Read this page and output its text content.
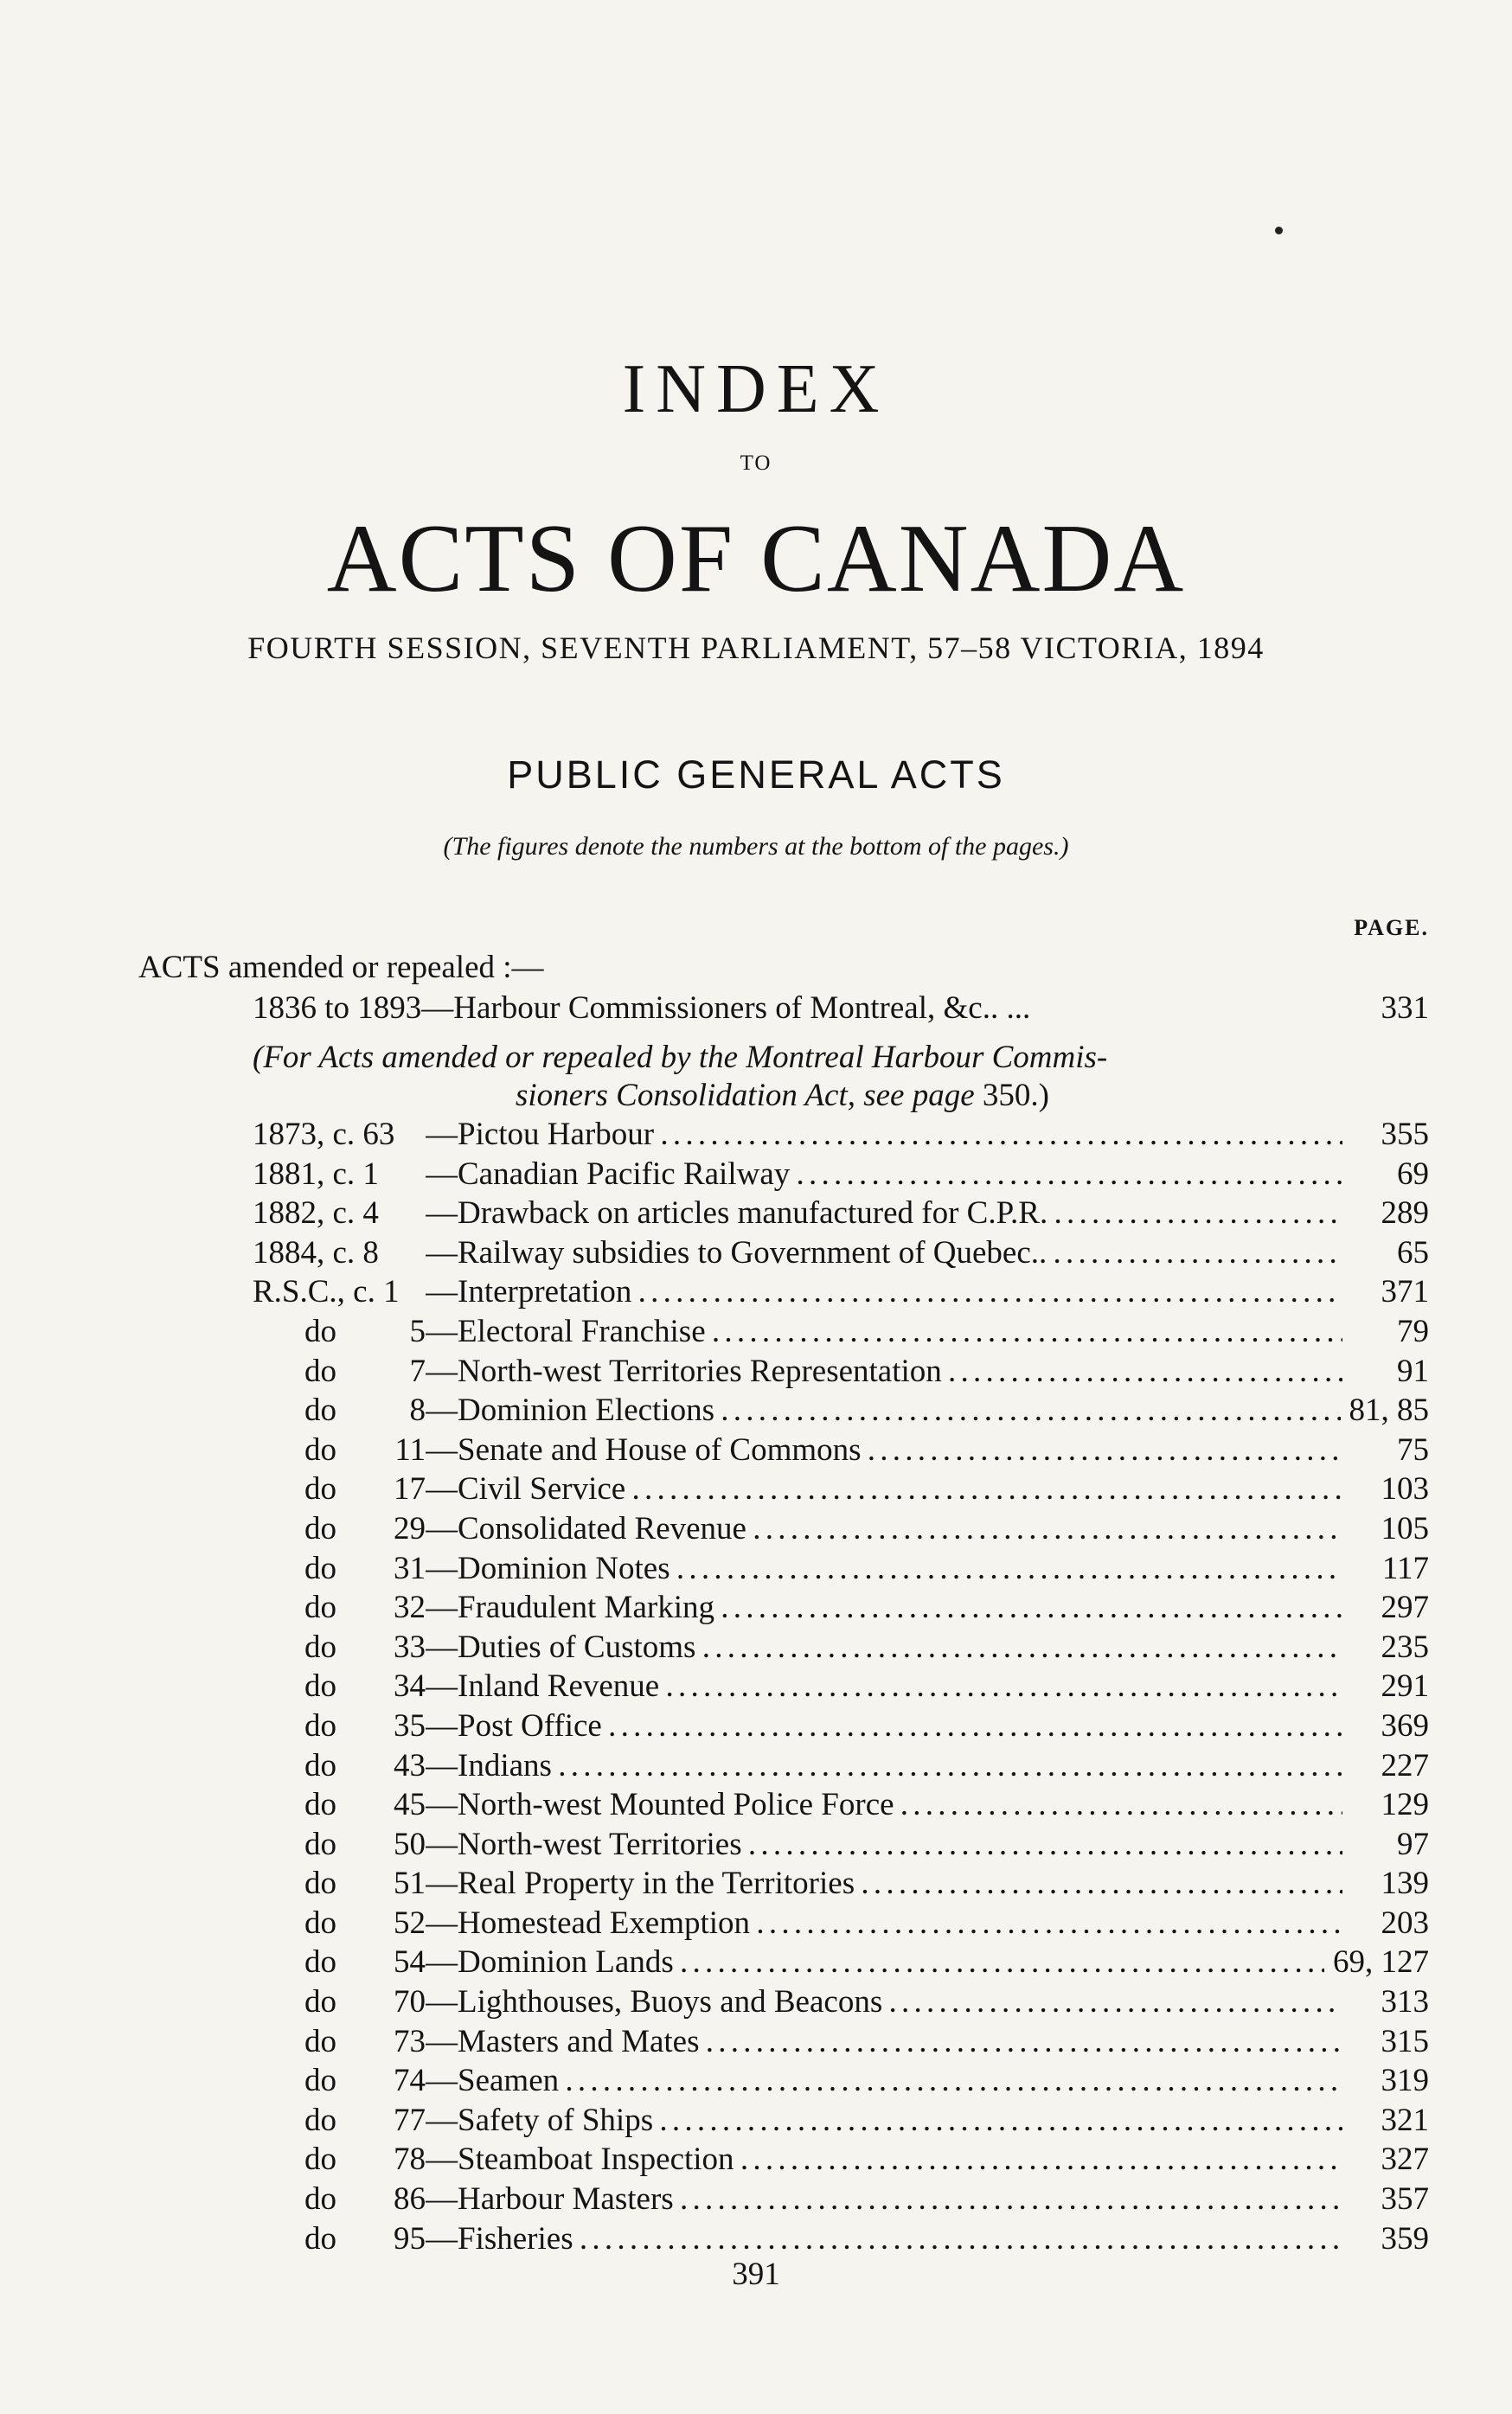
INDEX
TO
ACTS OF CANADA
FOURTH SESSION, SEVENTH PARLIAMENT, 57–58 VICTORIA, 1894
PUBLIC GENERAL ACTS
(The figures denote the numbers at the bottom of the pages.)
PAGE.
ACTS amended or repealed :—
1836 to 1893—Harbour Commissioners of Montreal, &c.. ...	331
(For Acts amended or repealed by the Montreal Harbour Commis-
sioners Consolidation Act, see page 350.)
1873, c. 63 —Pictou Harbour . . .	355
1881, c. 1	—Canadian Pacific Railway . . .	69
1882, c. 4	—Drawback on articles manufactured for C.P.R. . . .	289
1884, c. 8	—Railway subsidies to Government of Quebec.. . . .	65
R.S.C., c. 1 —Interpretation . . .	371
do 5 —Electoral Franchise . . .	79
do 7 —North-west Territories Representation . . .	91
do 8 —Dominion Elections . . .	81, 85
do 11 —Senate and House of Commons . . .	75
do 17 —Civil Service . . .	103
do 29 —Consolidated Revenue . . .	105
do 31 —Dominion Notes . . .	117
do 32 —Fraudulent Marking . . .	297
do 33 —Duties of Customs . . .	235
do 34 —Inland Revenue . . .	291
do 35 —Post Office . . .	369
do 43 —Indians . . .	227
do 45 —North-west Mounted Police Force . . .	129
do 50 —North-west Territories . . .	97
do 51 —Real Property in the Territories . . .	139
do 52 —Homestead Exemption . . .	203
do 54 —Dominion Lands . . .	69, 127
do 70 —Lighthouses, Buoys and Beacons . . .	313
do 73 —Masters and Mates . . .	315
do 74 —Seamen . . .	319
do 77 —Safety of Ships . . .	321
do 78 —Steamboat Inspection . . .	327
do 86 —Harbour Masters . . .	357
do 95 —Fisheries . . .	359
391
